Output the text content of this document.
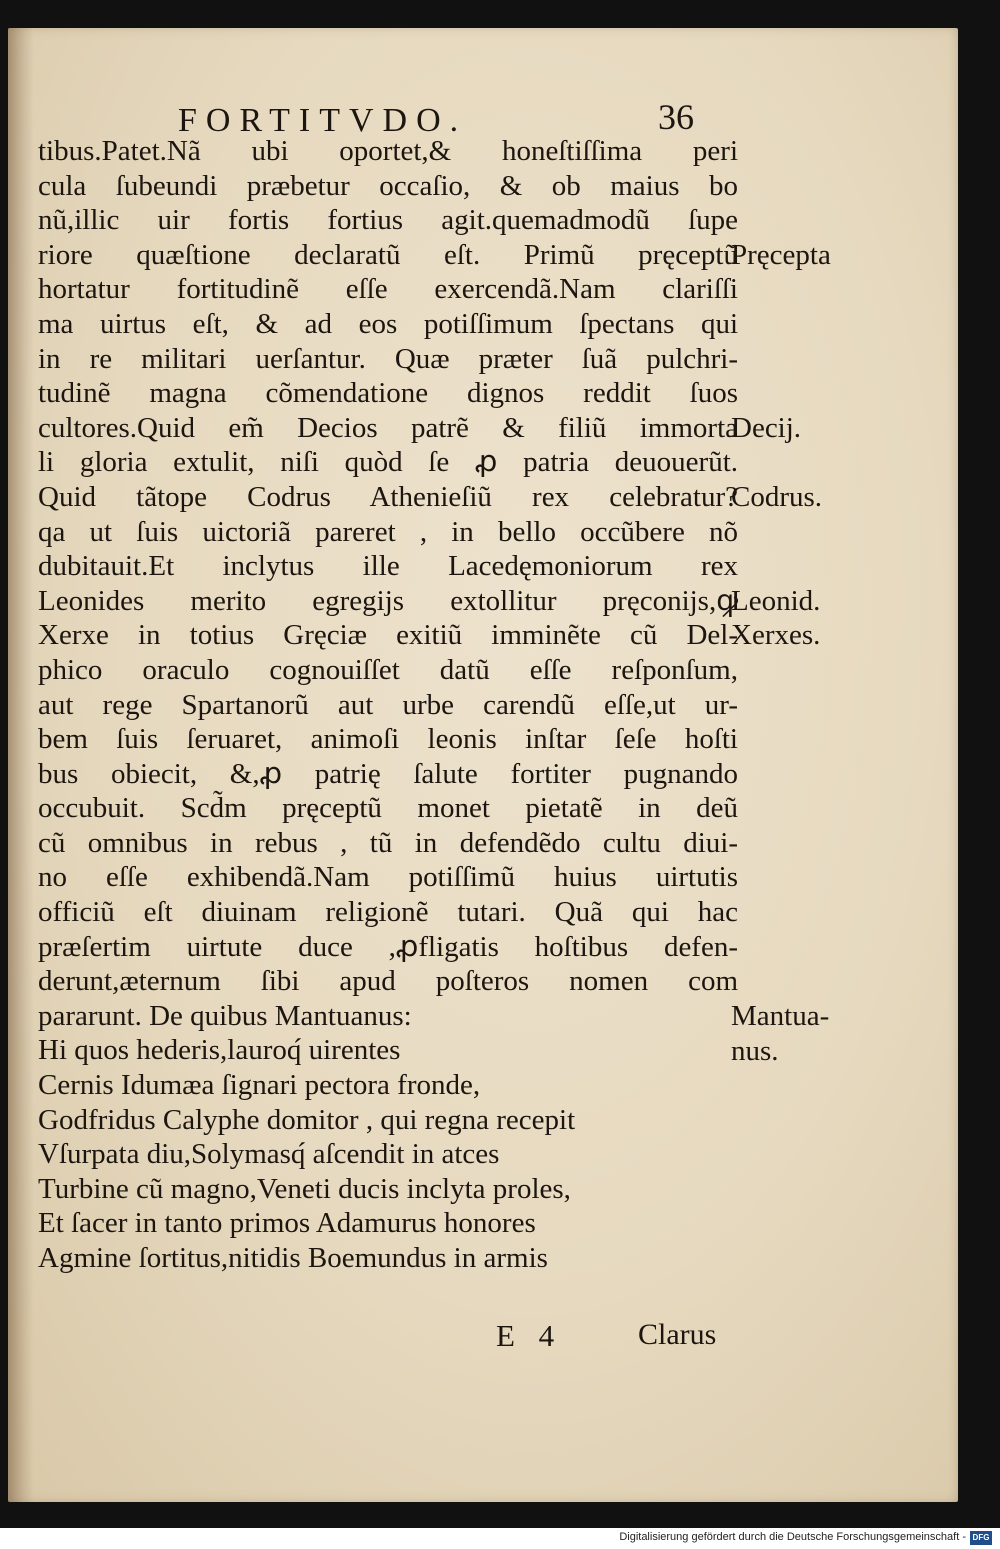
FORTITVDO.	36
tibus.Patet.Nã ubi oportet,& honeſtiſſima peri
cula ſubeundi præbetur occaſio, & ob maius bo
nũ,illic uir fortis fortius agit.quemadmodũ ſupe
riore quæſtione declaratũ eſt. Primũ pręceptũ
hortatur fortitudinẽ eſſe exercendã.Nam clariſſi
ma uirtus eſt, & ad eos potiſſimum ſpectans qui
in re militari uerſantur. Quæ præter ſuã pulchri-
tudinẽ magna cõmendatione dignos reddit ſuos
cultores.Quid em̃ Decios patrẽ & filiũ immorta
li gloria extulit, niſi quòd ſe ꝓ patria deuouerũt.
Quid tãtope Codrus Athenieſiũ rex celebratur?
qa ut ſuis uictoriã pareret , in bello occũbere nõ
dubitauit.Et inclytus ille Lacedęmoniorum rex
Leonides merito egregijs extollitur pręconijs,ꝙ
Xerxe in totius Gręciæ exitiũ imminẽte cũ Del-
phico oraculo cognouiſſet datũ eſſe reſponſum,
aut rege Spartanorũ aut urbe carendũ eſſe,ut ur-
bem ſuis ſeruaret, animoſi leonis inſtar ſeſe hoſti
bus obiecit, &,ꝓ patrię ſalute fortiter pugnando
occubuit. Scd̃m pręceptũ monet pietatẽ in deũ
cũ omnibus in rebus , tũ in defendẽdo cultu diui-
no eſſe exhibendã.Nam potiſſimũ huius uirtutis
officiũ eſt diuinam religionẽ tutari. Quã qui hac
præſertim uirtute duce ,ꝓfligatis hoſtibus defen-
derunt,æternum ſibi apud poſteros nomen com
pararunt. De quibus Mantuanus:
Hi quos hederis,lauroq́ uirentes
Cernis Idumæa ſignari pectora fronde,
Godfridus Calyphe domitor , qui regna recepit
Vſurpata diu,Solymasq́ aſcendit in atces
Turbine cũ magno,Veneti ducis inclyta proles,
Et ſacer in tanto primos Adamurus honores
Agmine ſortitus,nitidis Boemundus in armis
Pręcepta
Decij.
Codrus.
Leonid.
Xerxes.
Mantua-
nus.
E 4	Clarus
Digitalisierung gefördert durch die Deutsche Forschungsgemeinschaft - DFG
